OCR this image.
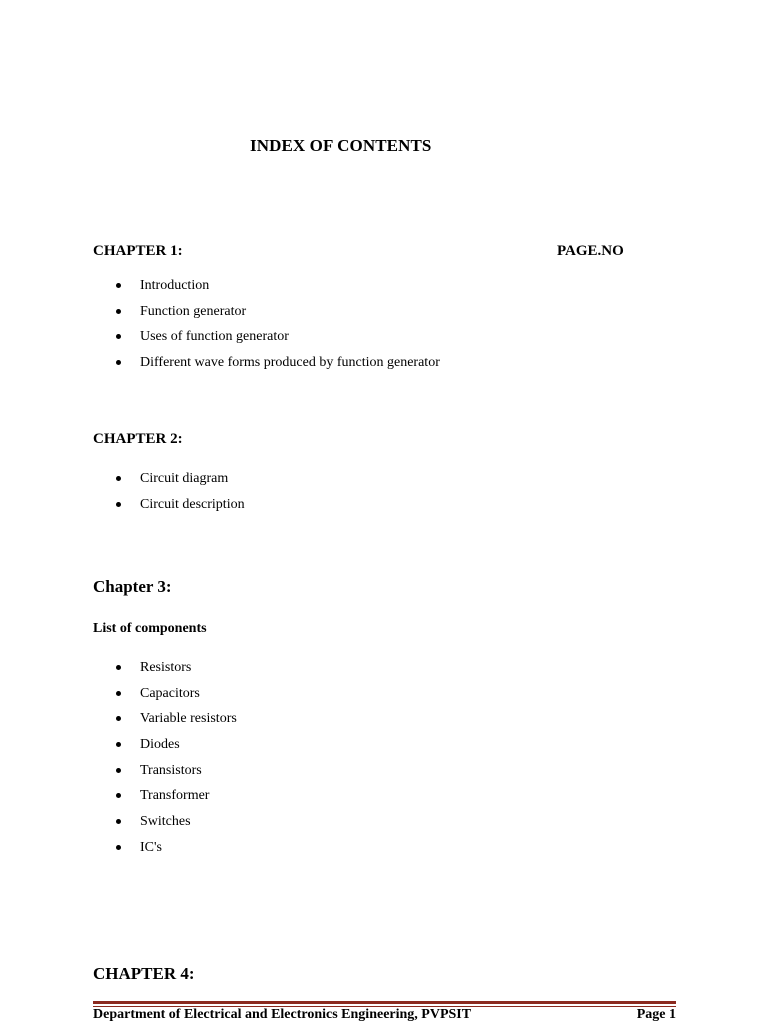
INDEX OF CONTENTS
CHAPTER 1:	PAGE.NO
Introduction
Function generator
Uses of function generator
Different wave forms produced by function generator
CHAPTER 2:
Circuit diagram
Circuit description
Chapter 3:
List of components
Resistors
Capacitors
Variable resistors
Diodes
Transistors
Transformer
Switches
IC's
CHAPTER 4:
Department of Electrical and Electronics Engineering, PVPSIT	Page 1
